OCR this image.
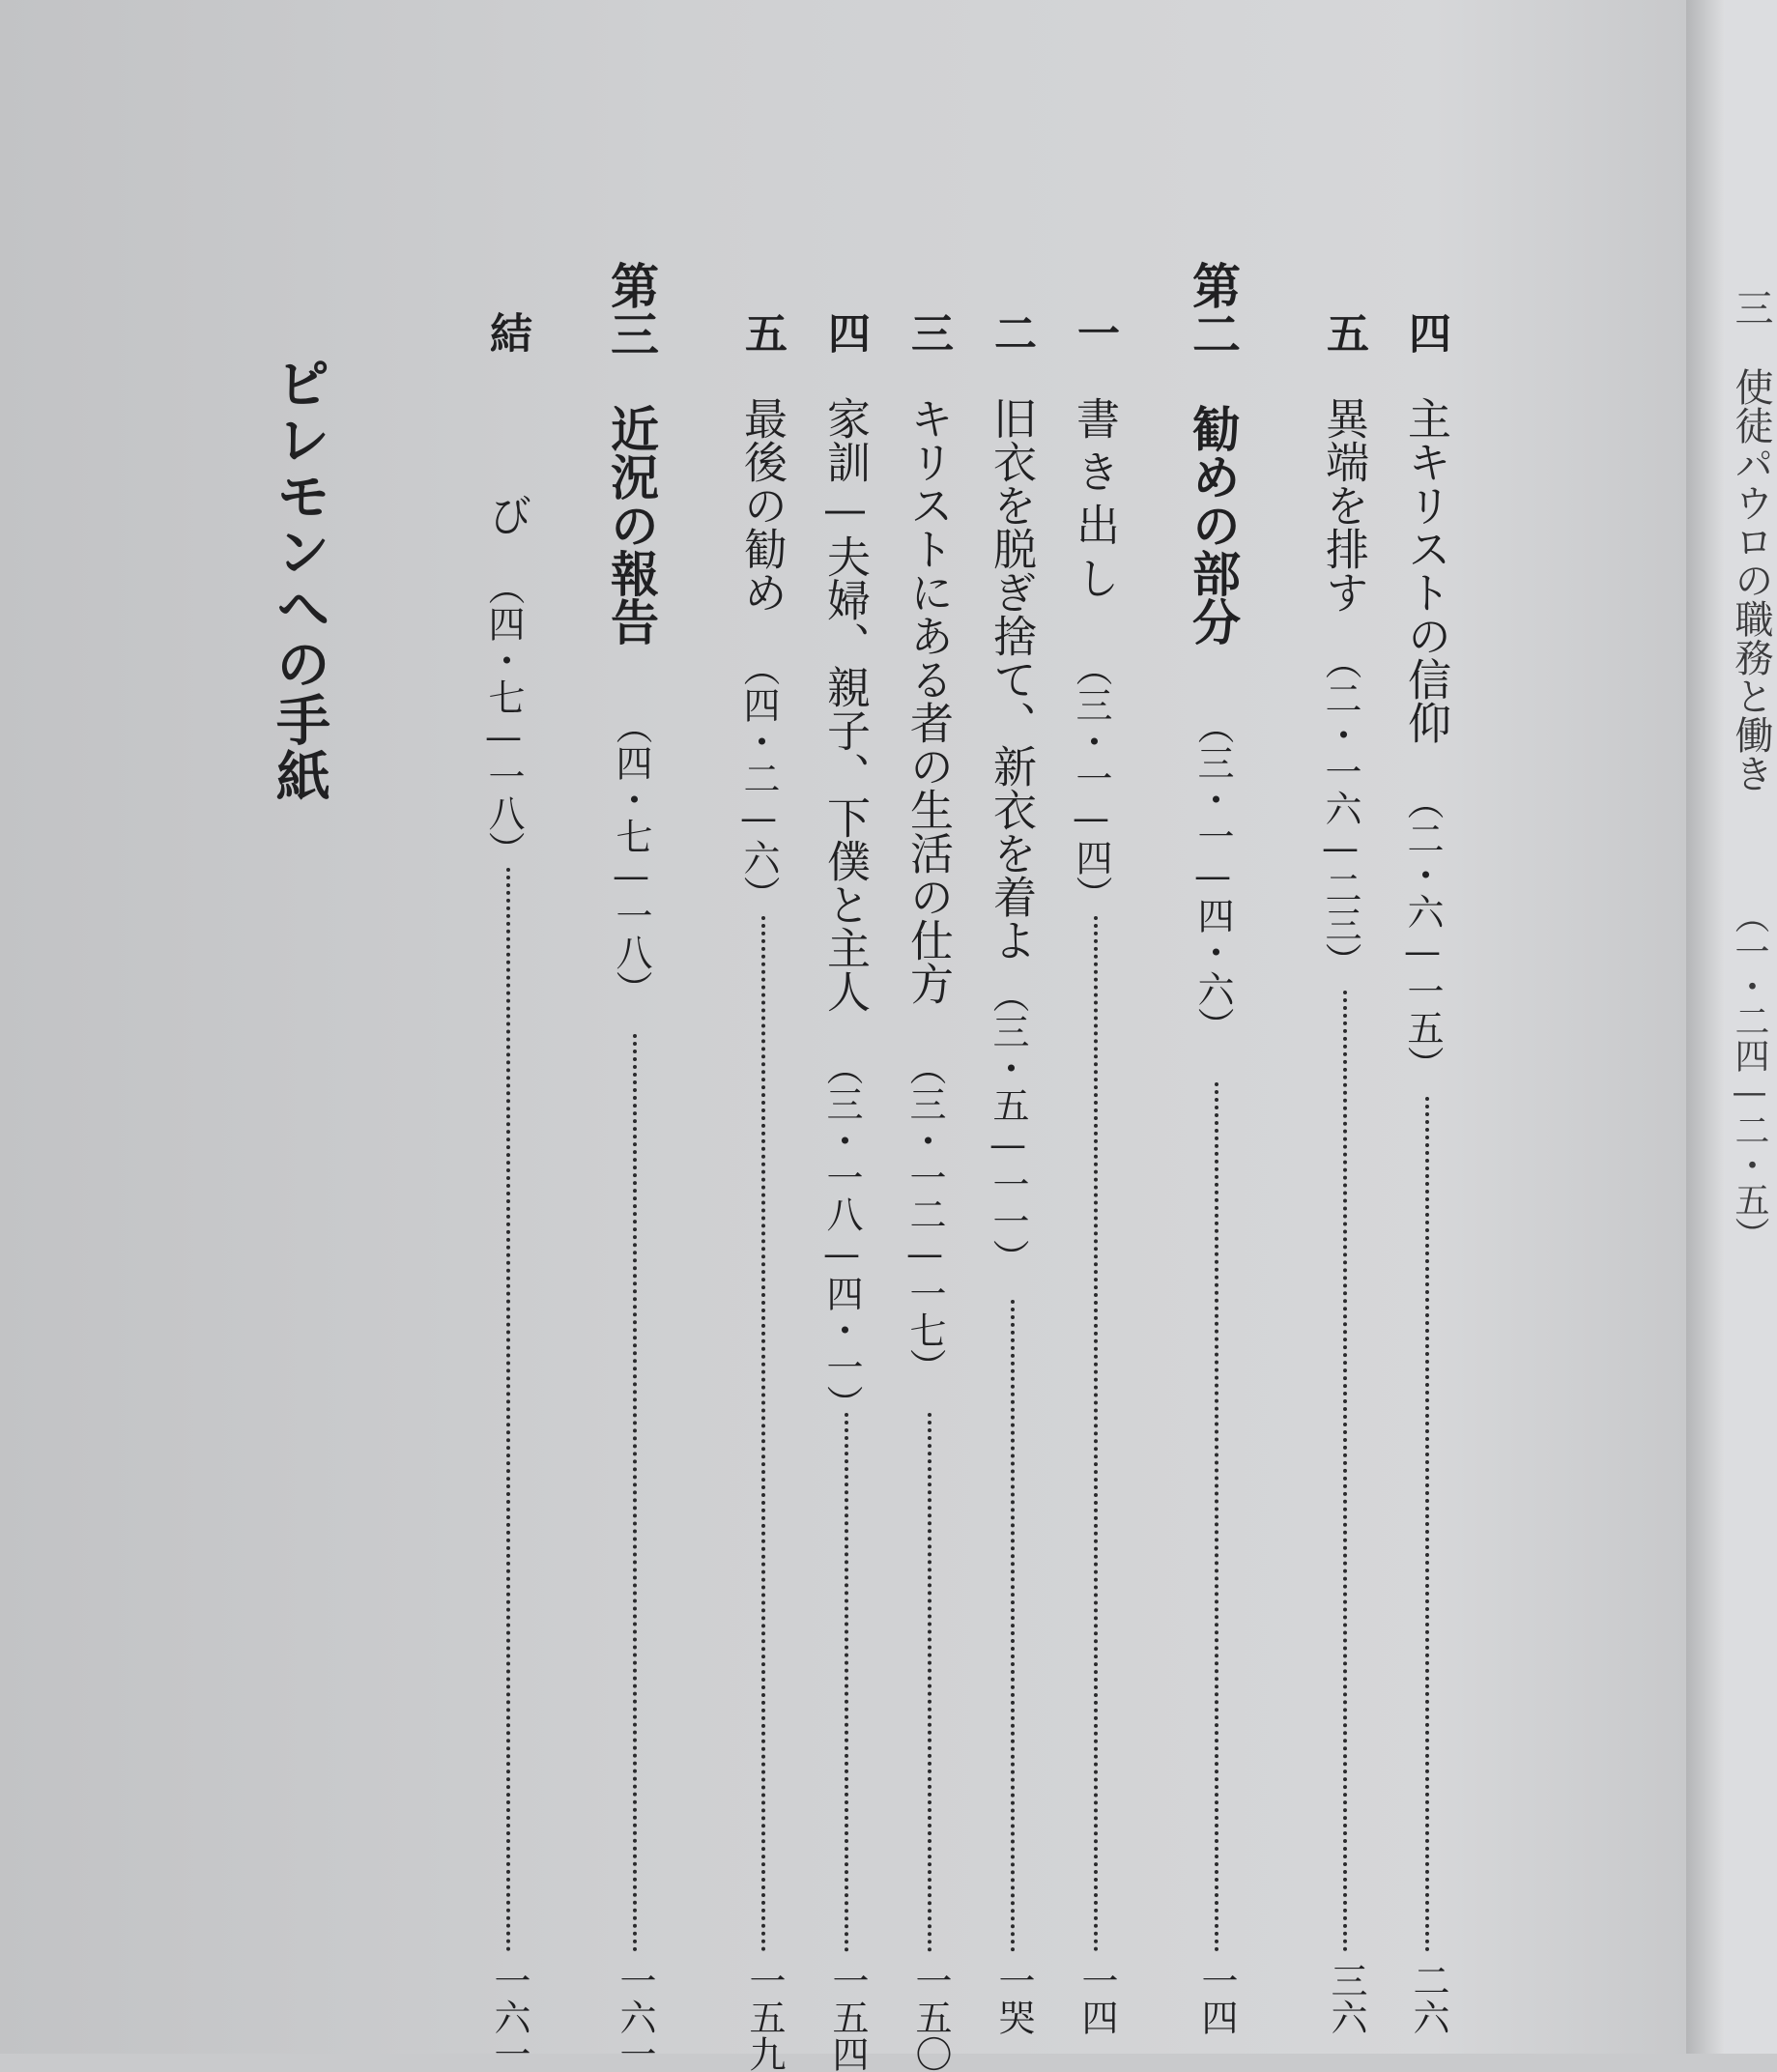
四
主キリストの信仰
（二・六—一五）
二六
五
異端を排す
（二・一六—二三）
三六
第二
勧めの部分
（三・一—四・六）
一四
一
書き出し
（三・一—四）
一四
二
旧衣を脱ぎ捨て、新衣を着よ
（三・五—一一）
一哭
三
キリストにある者の生活の仕方
（三・一二—一七）
一五〇
四
家訓—夫婦、親子、下僕と主人
（三・一八—四・一）
一五四
五
最後の勧め
（四・二—六）
一五九
第三
近況の報告
（四・七—一八）
一六一
結
び
（四・七—一八）
一六一
ピレモンへの手紙
三
使徒パウロの職務と働き
（一・二四—二・五）
